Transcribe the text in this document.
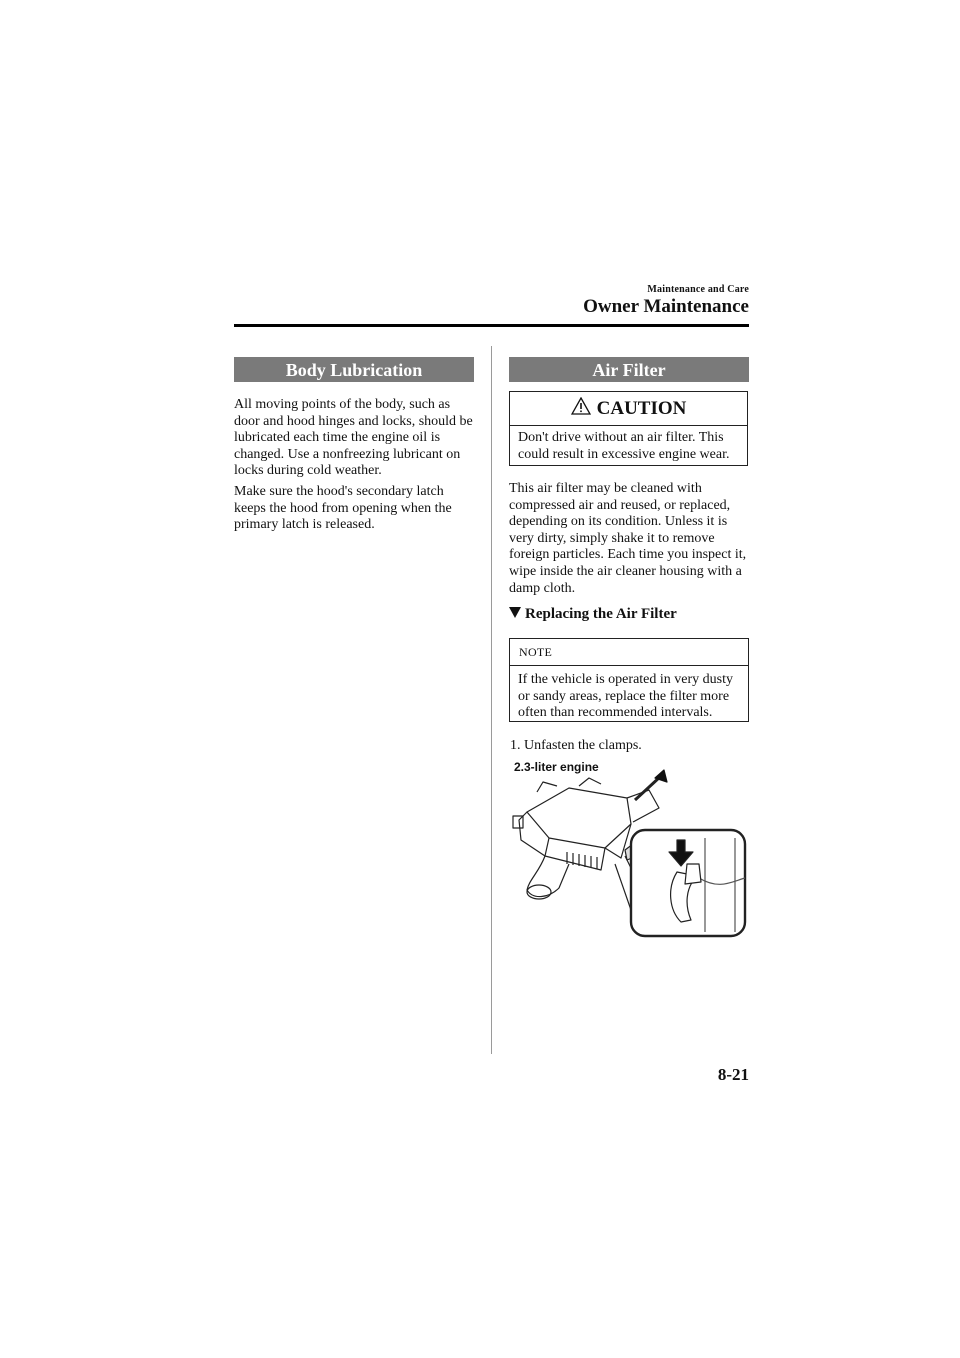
Maintenance and Care
Owner Maintenance
Body Lubrication

All moving points of the body, such as door and hood hinges and locks, should be lubricated each time the engine oil is changed. Use a nonfreezing lubricant on locks during cold weather.

Make sure the hood's secondary latch keeps the hood from opening when the primary latch is released.

Air Filter
CAUTION

Don't drive without an air filter. This could result in excessive engine wear.

This air filter may be cleaned with compressed air and reused, or replaced, depending on its condition. Unless it is very dirty, simply shake it to remove foreign particles. Each time you inspect it, wipe inside the air cleaner housing with a damp cloth.

Replacing the Air Filter
NOTE

If the vehicle is operated in very dusty or sandy areas, replace the filter more often than recommended intervals.

1. Unfasten the clamps.
2.3-liter engine
8-21
